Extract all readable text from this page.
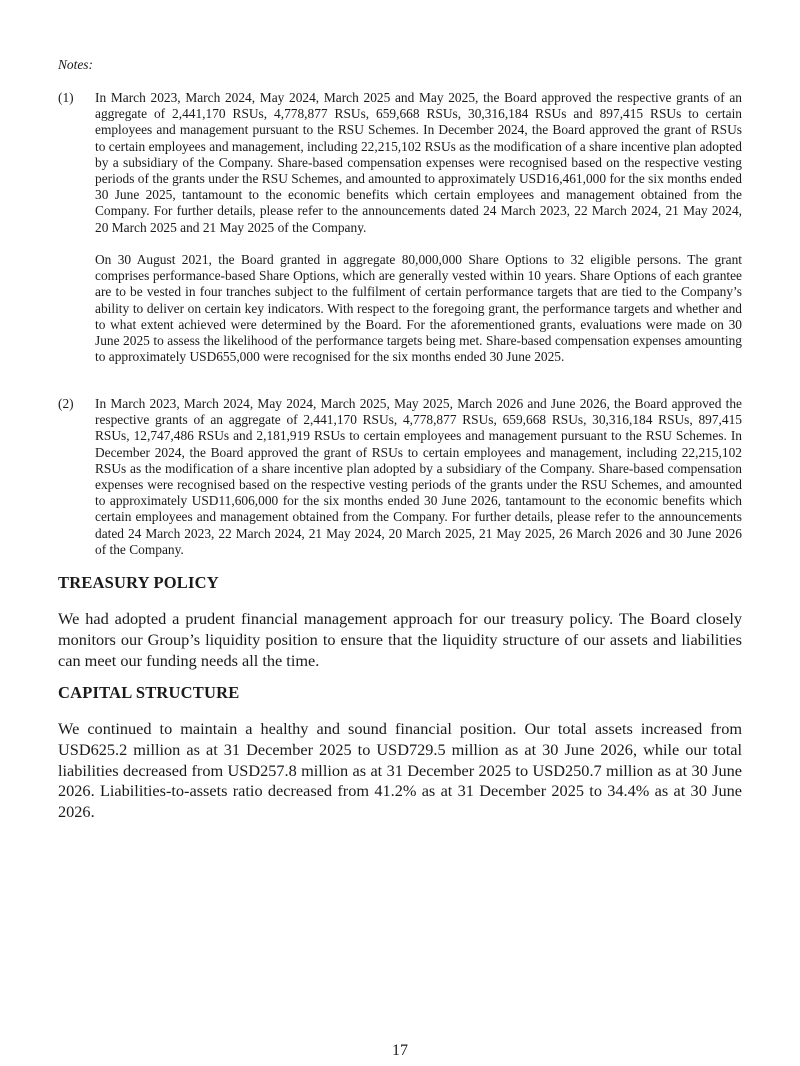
Notes:
(1) In March 2023, March 2024, May 2024, March 2025 and May 2025, the Board approved the respective grants of an aggregate of 2,441,170 RSUs, 4,778,877 RSUs, 659,668 RSUs, 30,316,184 RSUs and 897,415 RSUs to certain employees and management pursuant to the RSU Schemes. In December 2024, the Board approved the grant of RSUs to certain employees and management, including 22,215,102 RSUs as the modification of a share incentive plan adopted by a subsidiary of the Company. Share-based compensation expenses were recognised based on the respective vesting periods of the grants under the RSU Schemes, and amounted to approximately USD16,461,000 for the six months ended 30 June 2025, tantamount to the economic benefits which certain employees and management obtained from the Company. For further details, please refer to the announcements dated 24 March 2023, 22 March 2024, 21 May 2024, 20 March 2025 and 21 May 2025 of the Company.

On 30 August 2021, the Board granted in aggregate 80,000,000 Share Options to 32 eligible persons. The grant comprises performance-based Share Options, which are generally vested within 10 years. Share Options of each grantee are to be vested in four tranches subject to the fulfilment of certain performance targets that are tied to the Company’s ability to deliver on certain key indicators. With respect to the foregoing grant, the performance targets and whether and to what extent achieved were determined by the Board. For the aforementioned grants, evaluations were made on 30 June 2025 to assess the likelihood of the performance targets being met. Share-based compensation expenses amounting to approximately USD655,000 were recognised for the six months ended 30 June 2025.

(2) In March 2023, March 2024, May 2024, March 2025, May 2025, March 2026 and June 2026, the Board approved the respective grants of an aggregate of 2,441,170 RSUs, 4,778,877 RSUs, 659,668 RSUs, 30,316,184 RSUs, 897,415 RSUs, 12,747,486 RSUs and 2,181,919 RSUs to certain employees and management pursuant to the RSU Schemes. In December 2024, the Board approved the grant of RSUs to certain employees and management, including 22,215,102 RSUs as the modification of a share incentive plan adopted by a subsidiary of the Company. Share-based compensation expenses were recognised based on the respective vesting periods of the grants under the RSU Schemes, and amounted to approximately USD11,606,000 for the six months ended 30 June 2026, tantamount to the economic benefits which certain employees and management obtained from the Company. For further details, please refer to the announcements dated 24 March 2023, 22 March 2024, 21 May 2024, 20 March 2025, 21 May 2025, 26 March 2026 and 30 June 2026 of the Company.

TREASURY POLICY

We had adopted a prudent financial management approach for our treasury policy. The Board closely monitors our Group’s liquidity position to ensure that the liquidity structure of our assets and liabilities can meet our funding needs all the time.

CAPITAL STRUCTURE

We continued to maintain a healthy and sound financial position. Our total assets increased from USD625.2 million as at 31 December 2025 to USD729.5 million as at 30 June 2026, while our total liabilities decreased from USD257.8 million as at 31 December 2025 to USD250.7 million as at 30 June 2026. Liabilities-to-assets ratio decreased from 41.2% as at 31 December 2025 to 34.4% as at 30 June 2026.

17
